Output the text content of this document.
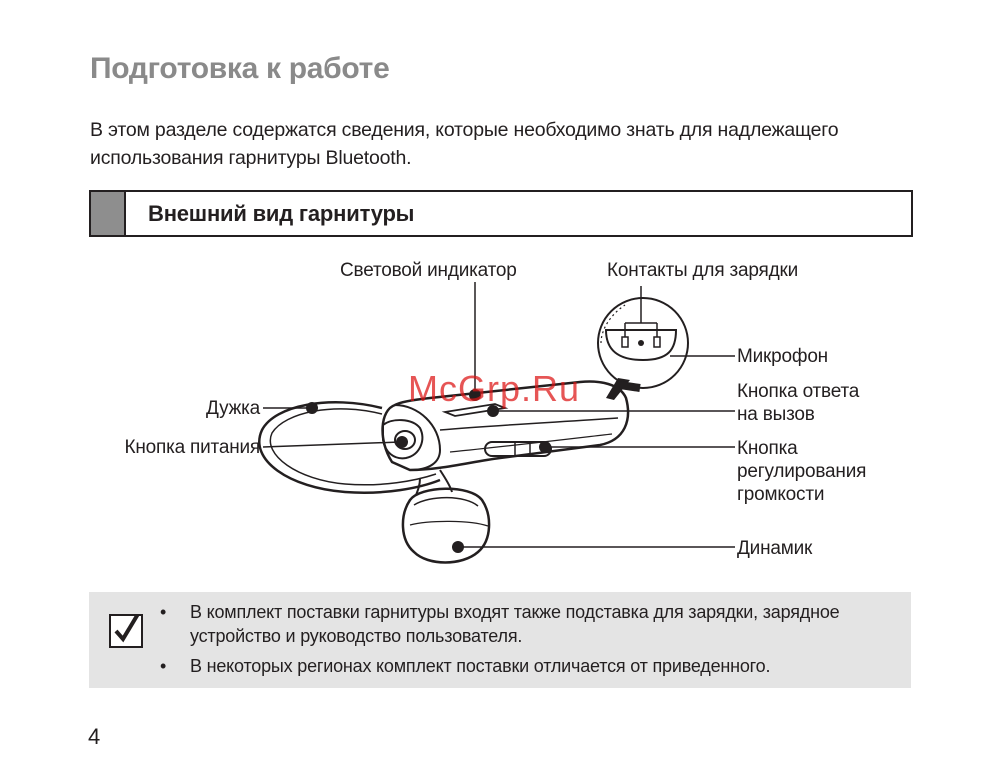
Подготовка к работе

В этом разделе содержатся сведения, которые необходимо знать для надлежащего использования гарнитуры Bluetooth.

Внешний вид гарнитуры
Световой индикатор	Контакты для зарядки
Микрофон
Кнопка ответа
на вызов
Кнопка
регулирования
громкости
Динамик
Дужка
Кнопка питания
McGrp.Ru
• В комплект поставки гарнитуры входят также подставка для зарядки, зарядное устройство и руководство пользователя.
• В некоторых регионах комплект поставки отличается от приведенного.
4
